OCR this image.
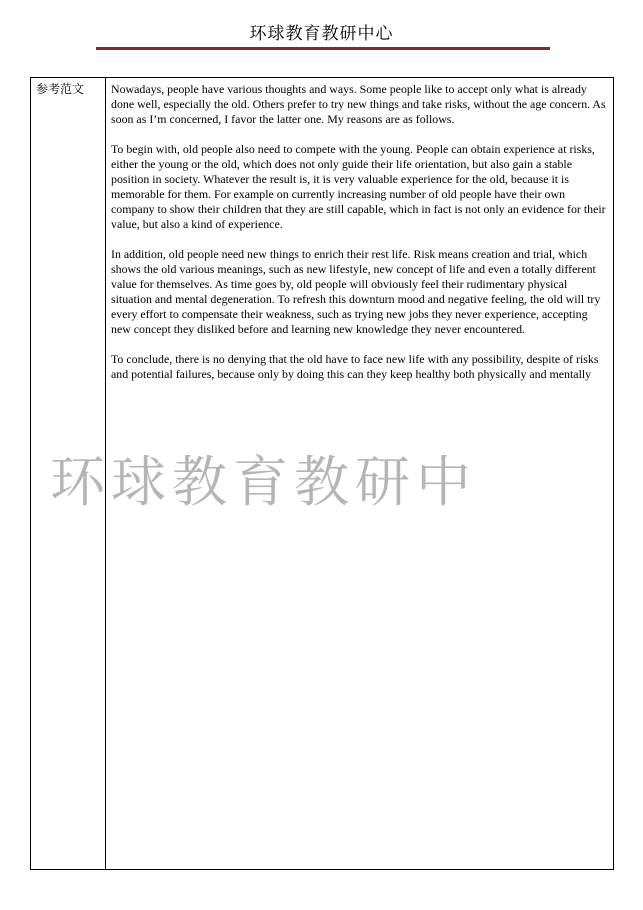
环球教育教研中心
参考范文 Nowadays, people have various thoughts and ways. Some people like to accept only what is already done well, especially the old. Others prefer to try new things and take risks, without the age concern. As soon as I’m concerned, I favor the latter one. My reasons are as follows.

To begin with, old people also need to compete with the young. People can obtain experience at risks, either the young or the old, which does not only guide their life orientation, but also gain a stable position in society. Whatever the result is, it is very valuable experience for the old, because it is memorable for them. For example on currently increasing number of old people have their own company to show their children that they are still capable, which in fact is not only an evidence for their value, but also a kind of experience.

In addition, old people need new things to enrich their rest life. Risk means creation and trial, which shows the old various meanings, such as new lifestyle, new concept of life and even a totally different value for themselves. As time goes by, old people will obviously feel their rudimentary physical situation and mental degeneration. To refresh this downturn mood and negative feeling, the old will try every effort to compensate their weakness, such as trying new jobs they never experience, accepting new concept they disliked before and learning new knowledge they never encountered.

To conclude, there is no denying that the old have to face new life with any possibility, despite of risks and potential failures, because only by doing this can they keep healthy both physically and mentally

环球教育教研中
